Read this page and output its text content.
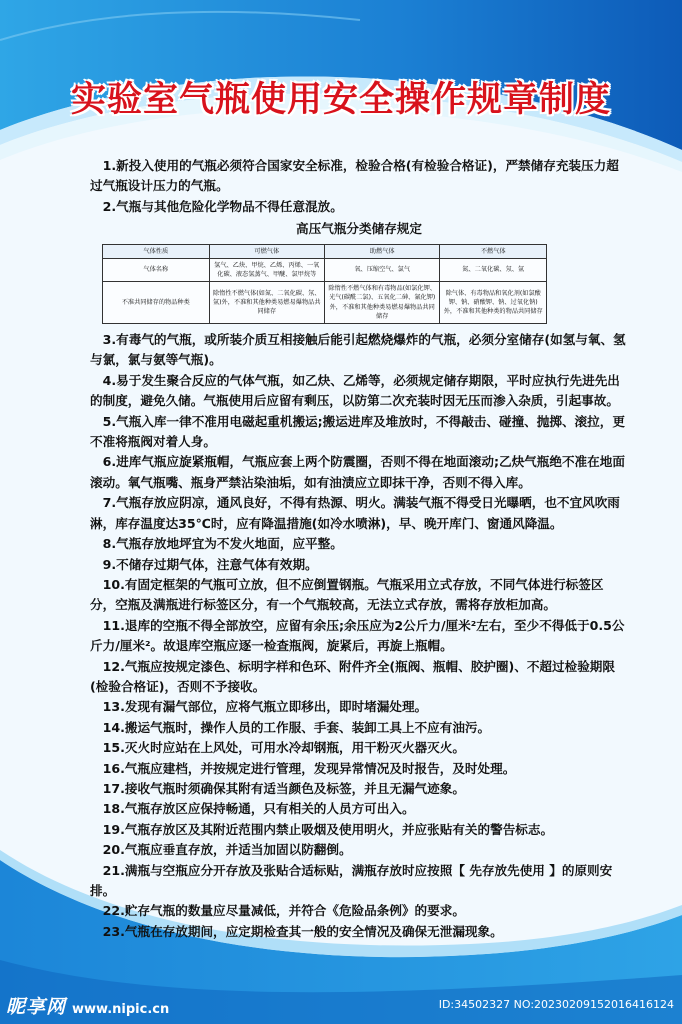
实验室气瓶使用安全操作规章制度

1.新投入使用的气瓶必须符合国家安全标准，检验合格(有检验合格证)，严禁储存充装压力超过气瓶设计压力的气瓶。

2.气瓶与其他危险化学物品不得任意混放。

高压气瓶分类储存规定
气体性质	可燃气体	助燃气体	不燃气体
气体名称	氢气、乙炔、甲烷、乙烯、丙烯、一氧化碳、液态氢蒸气、甲醚、氯甲烷等	氧、压缩空气、氯气	氮、二氧化碳、氖、氩
不准共同储存的物品种类	除惰性不燃气体(如氮、二氧化碳、氖、氩)外，不准和其他种类易燃易爆物品共同储存	除惰性不燃气体和有毒物品(如氯化钾、光气(碳酰二氯)、五氧化二砷、氰化钾)外，不准和其他种类易燃易爆物品共同储存	除气体、有毒物品和氧化剂(如氯酸钾、钠、硝酸钾、钠、过氧化钠)外，不准和其他种类的物品共同储存

3.有毒气的气瓶，或所装介质互相接触后能引起燃烧爆炸的气瓶，必须分室储存(如氢与氧、氢与氯，氯与氨等气瓶)。

4.易于发生聚合反应的气体气瓶，如乙炔、乙烯等，必须规定储存期限，平时应执行先进先出的制度，避免久储。气瓶使用后应留有剩压，以防第二次充装时因无压而渗入杂质，引起事故。

5.气瓶入库一律不准用电磁起重机搬运;搬运进库及堆放时，不得敲击、碰撞、抛掷、滚拉，更不准将瓶阀对着人身。

6.进库气瓶应旋紧瓶帽，气瓶应套上两个防震圈，否则不得在地面滚动;乙炔气瓶绝不准在地面滚动。氧气瓶嘴、瓶身严禁沾染油垢，如有油渍应立即抹干净，否则不得入库。

7.气瓶存放应阴凉，通风良好，不得有热源、明火。满装气瓶不得受日光曝晒，也不宜风吹雨淋，库存温度达35℃时，应有降温措施(如冷水喷淋)，早、晚开库门、窗通风降温。

8.气瓶存放地坪宜为不发火地面，应平整。

9.不储存过期气体，注意气体有效期。

10.有固定框架的气瓶可立放，但不应倒置钢瓶。气瓶采用立式存放，不同气体进行标签区分，空瓶及满瓶进行标签区分，有一个气瓶较高，无法立式存放，需将存放柜加高。

11.退库的空瓶不得全部放空，应留有余压;余压应为2公斤力/厘米²左右，至少不得低于0.5公斤力/厘米²。故退库空瓶应逐一检查瓶阀，旋紧后，再旋上瓶帽。

12.气瓶应按规定漆色、标明字样和色环、附件齐全(瓶阀、瓶帽、胶护圈)、不超过检验期限(检验合格证)，否则不予接收。

13.发现有漏气部位，应将气瓶立即移出，即时堵漏处理。

14.搬运气瓶时，操作人员的工作服、手套、装卸工具上不应有油污。

15.灭火时应站在上风处，可用水冷却钢瓶，用干粉灭火器灭火。

16.气瓶应建档，并按规定进行管理，发现异常情况及时报告，及时处理。

17.接收气瓶时须确保其附有适当颜色及标签，并且无漏气迹象。

18.气瓶存放区应保持畅通，只有相关的人员方可出入。

19.气瓶存放区及其附近范围内禁止吸烟及使用明火，并应张贴有关的警告标志。

20.气瓶应垂直存放，并适当加固以防翻倒。

21.满瓶与空瓶应分开存放及张贴合适标贴，满瓶存放时应按照【 先存放先使用 】的原则安排。

22.贮存气瓶的数量应尽量减低，并符合《危险品条例》的要求。

23.气瓶在存放期间，应定期检查其一般的安全情况及确保无泄漏现象。

昵享网 www.nipic.cn	ID:34502327 NO:20230209152016416124
